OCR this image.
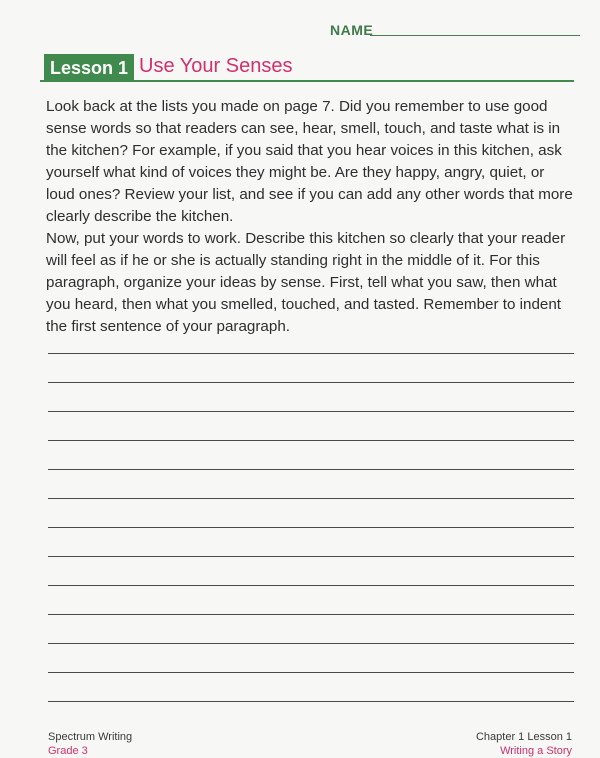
NAME
Lesson 1 Use Your Senses

Look back at the lists you made on page 7. Did you remember to use good sense words so that readers can see, hear, smell, touch, and taste what is in the kitchen? For example, if you said that you hear voices in this kitchen, ask yourself what kind of voices they might be. Are they happy, angry, quiet, or loud ones? Review your list, and see if you can add any other words that more clearly describe the kitchen.

Now, put your words to work. Describe this kitchen so clearly that your reader will feel as if he or she is actually standing right in the middle of it. For this paragraph, organize your ideas by sense. First, tell what you saw, then what you heard, then what you smelled, touched, and tasted. Remember to indent the first sentence of your paragraph.

Spectrum Writing
Grade 3
Chapter 1 Lesson 1
Writing a Story
